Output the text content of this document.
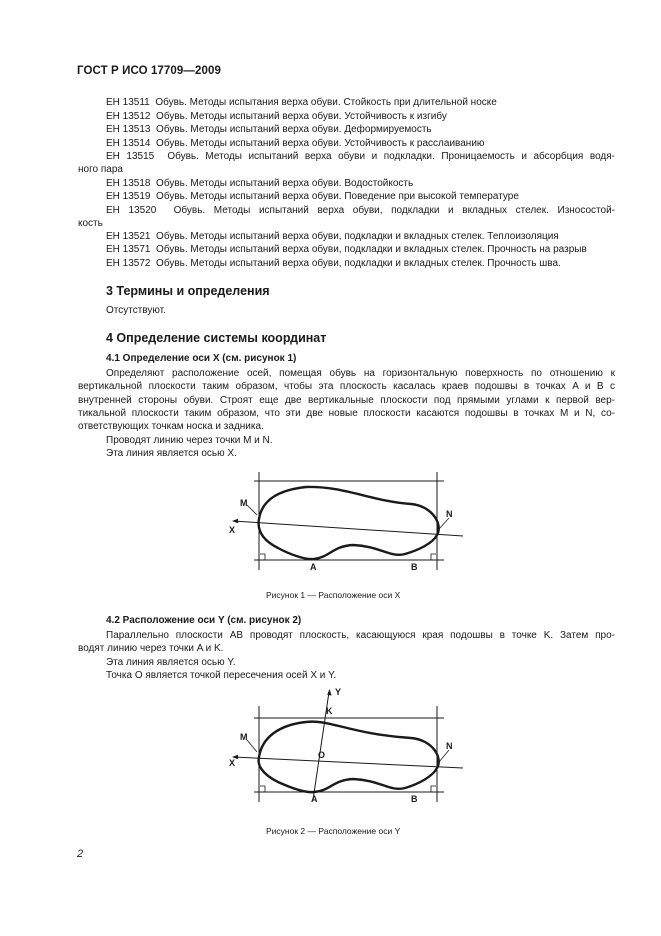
ГОСТ Р ИСО 17709—2009
ЕН 13511 Обувь. Методы испытания верха обуви. Стойкость при длительной носке
ЕН 13512 Обувь. Методы испытаний верха обуви. Устойчивость к изгибу
ЕН 13513 Обувь. Методы испытаний верха обуви. Деформируемость
ЕН 13514 Обувь. Методы испытаний верха обуви. Устойчивость к расслаиванию
ЕН 13515 Обувь. Методы испытаний верха обуви и подкладки. Проницаемость и абсорбция водя-
ного пара
ЕН 13518 Обувь. Методы испытаний верха обуви. Водостойкость
ЕН 13519 Обувь. Методы испытаний верха обуви. Поведение при высокой температуре
ЕН 13520 Обувь. Методы испытаний верха обуви, подкладки и вкладных стелек. Износостой-
кость
ЕН 13521 Обувь. Методы испытаний верха обуви, подкладки и вкладных стелек. Теплоизоляция
ЕН 13571 Обувь. Методы испытаний верха обуви, подкладки и вкладных стелек. Прочность на разрыв
ЕН 13572 Обувь. Методы испытаний верха обуви, подкладки и вкладных стелек. Прочность шва.
3 Термины и определения
Отсутствуют.
4 Определение системы координат
4.1 Определение оси X (см. рисунок 1)
Определяют расположение осей, помещая обувь на горизонтальную поверхность по отношению к
вертикальной плоскости таким образом, чтобы эта плоскость касалась краев подошвы в точках A и B с
внутренней стороны обуви. Строят еще две вертикальные плоскости под прямыми углами к первой вер-
тикальной плоскости таким образом, что эти две новые плоскости касаются подошвы в точках M и N, со-
ответствующих точкам носка и задника.
Проводят линию через точки M и N.
Эта линия является осью X.
M
N
X
A	B
Рисунок 1 — Расположение оси X
4.2 Расположение оси Y (см. рисунок 2)
Параллельно плоскости AB проводят плоскость, касающуюся края подошвы в точке K. Затем про-
водят линию через точки A и K.
Эта линия является осью Y.
Точка O является точкой пересечения осей X и Y.
Y
K
O
M
N
X
A	B
Рисунок 2 — Расположение оси Y
2
